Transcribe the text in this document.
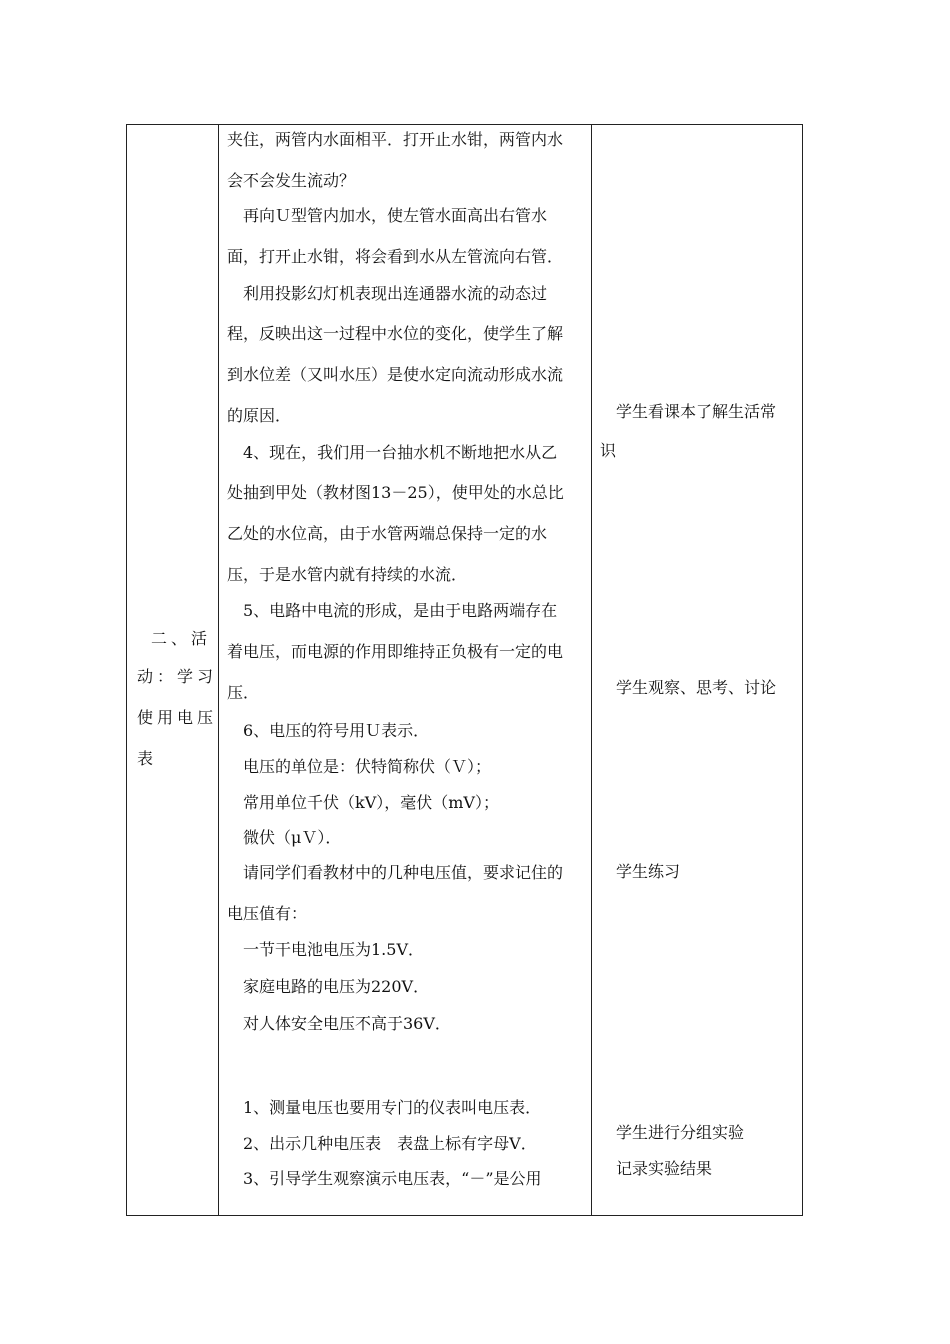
二、活
动：学习
使用电压
表
夹住，两管内水面相平．打开止水钳，两管内水
会不会发生流动？
再向Ｕ型管内加水，使左管水面高出右管水
面，打开止水钳，将会看到水从左管流向右管．
利用投影幻灯机表现出连通器水流的动态过
程，反映出这一过程中水位的变化，使学生了解
到水位差（又叫水压）是使水定向流动形成水流
的原因．
4、现在，我们用一台抽水机不断地把水从乙
处抽到甲处（教材图13－25），使甲处的水总比
乙处的水位高，由于水管两端总保持一定的水
压，于是水管内就有持续的水流．
5、电路中电流的形成，是由于电路两端存在
着电压，而电源的作用即维持正负极有一定的电
压．
6、电压的符号用Ｕ表示．
电压的单位是：伏特简称伏（Ｖ）；
常用单位千伏（kV），毫伏（mV）；
微伏（μＶ）．
请同学们看教材中的几种电压值，要求记住的
电压值有：
一节干电池电压为1.5V．
家庭电路的电压为220V．
对人体安全电压不高于36V．
1、测量电压也要用专门的仪表叫电压表．
2、出示几种电压表　表盘上标有字母V．
3、引导学生观察演示电压表，“－”是公用
学生看课本了解生活常
识
学生观察、思考、讨论
学生练习
学生进行分组实验
记录实验结果
